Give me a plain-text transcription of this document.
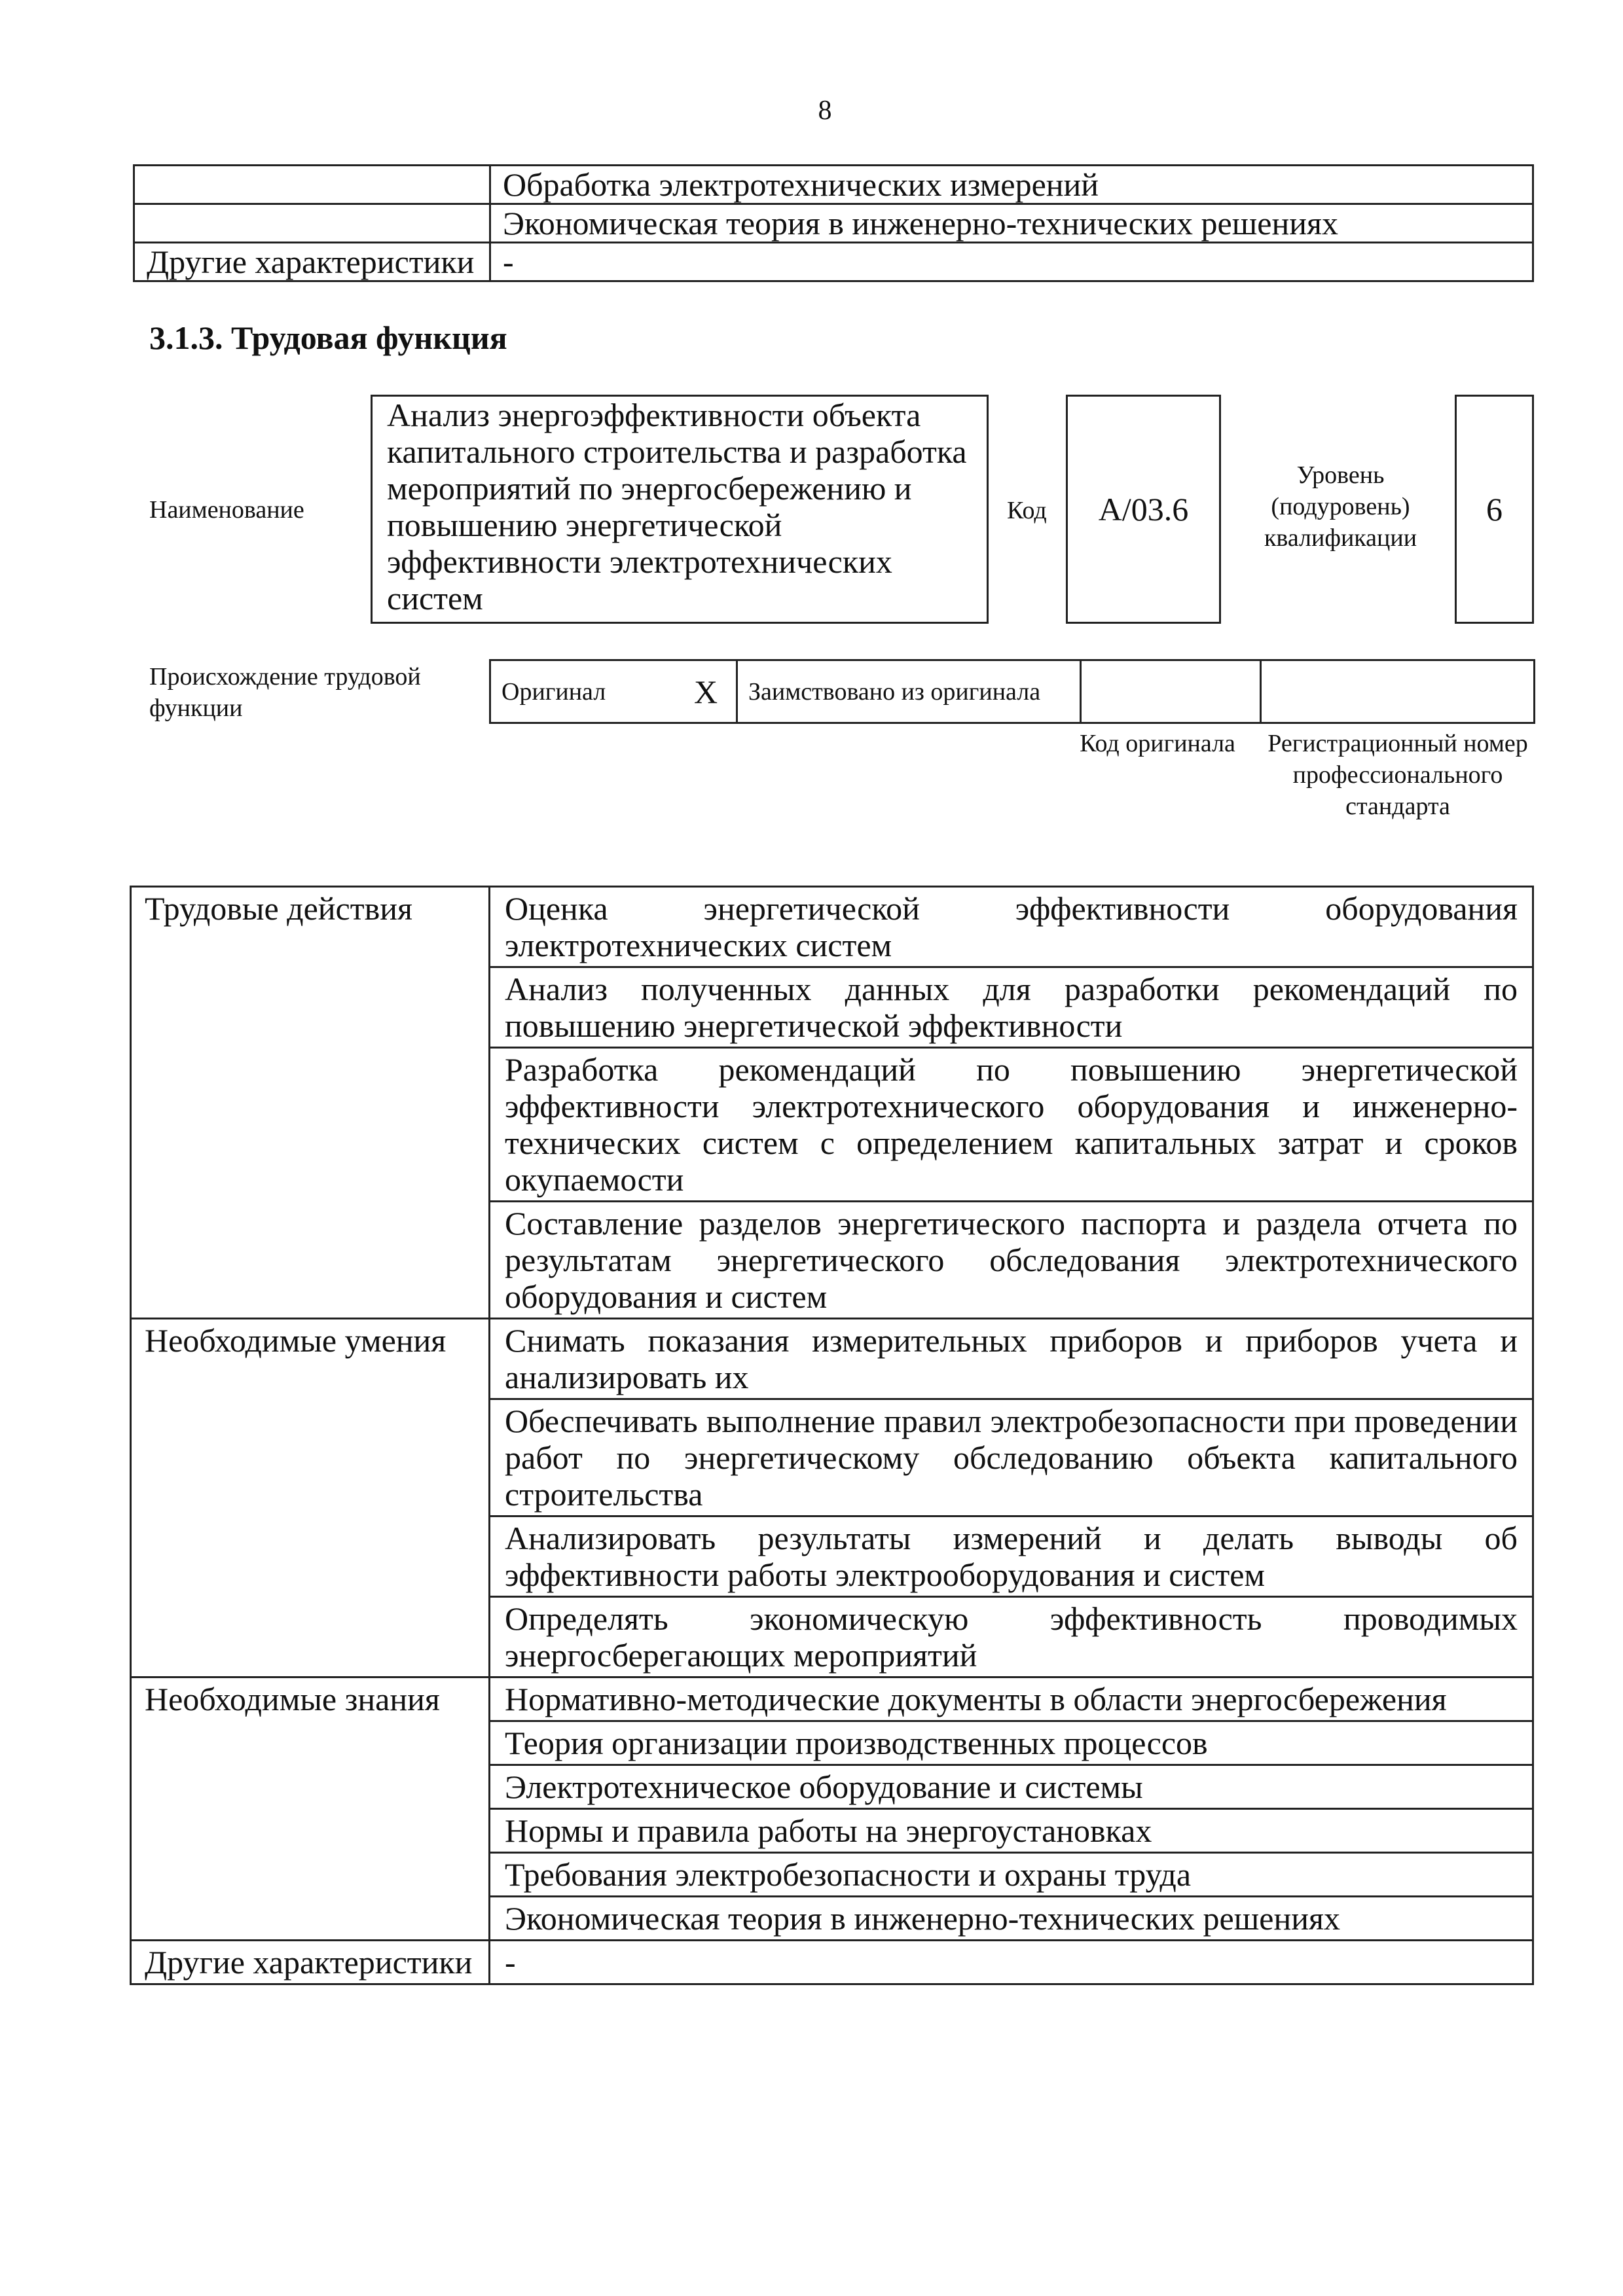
8
	Обработка электротехнических измерений
	Экономическая теория в инженерно-технических решениях
Другие характеристики	-
3.1.3. Трудовая функция
Наименование
Анализ энергоэффективности объекта капитального строительства и разработка мероприятий по энергосбережению и повышению энергетической эффективности электротехнических систем
Код	А/03.6
Уровень (подуровень) квалификации
6
Происхождение трудовой функции
Оригинал	X	Заимствовано из оригинала		
Код оригинала Регистрационный номер профессионального стандарта
Трудовые действия	Оценка энергетической эффективности оборудования электротехнических систем
	Анализ полученных данных для разработки рекомендаций по повышению энергетической эффективности
	Разработка рекомендаций по повышению энергетической эффективности электротехнического оборудования и инженерно-технических систем с определением капитальных затрат и сроков окупаемости
	Составление разделов энергетического паспорта и раздела отчета по результатам энергетического обследования электротехнического оборудования и систем
Необходимые умения	Снимать показания измерительных приборов и приборов учета и анализировать их
	Обеспечивать выполнение правил электробезопасности при проведении работ по энергетическому обследованию объекта капитального строительства
	Анализировать результаты измерений и делать выводы об эффективности работы электрооборудования и систем
	Определять экономическую эффективность проводимых энергосберегающих мероприятий
Необходимые знания	Нормативно-методические документы в области энергосбережения
	Теория организации производственных процессов
	Электротехническое оборудование и системы
	Нормы и правила работы на энергоустановках
	Требования электробезопасности и охраны труда
	Экономическая теория в инженерно-технических решениях
Другие характеристики	-
